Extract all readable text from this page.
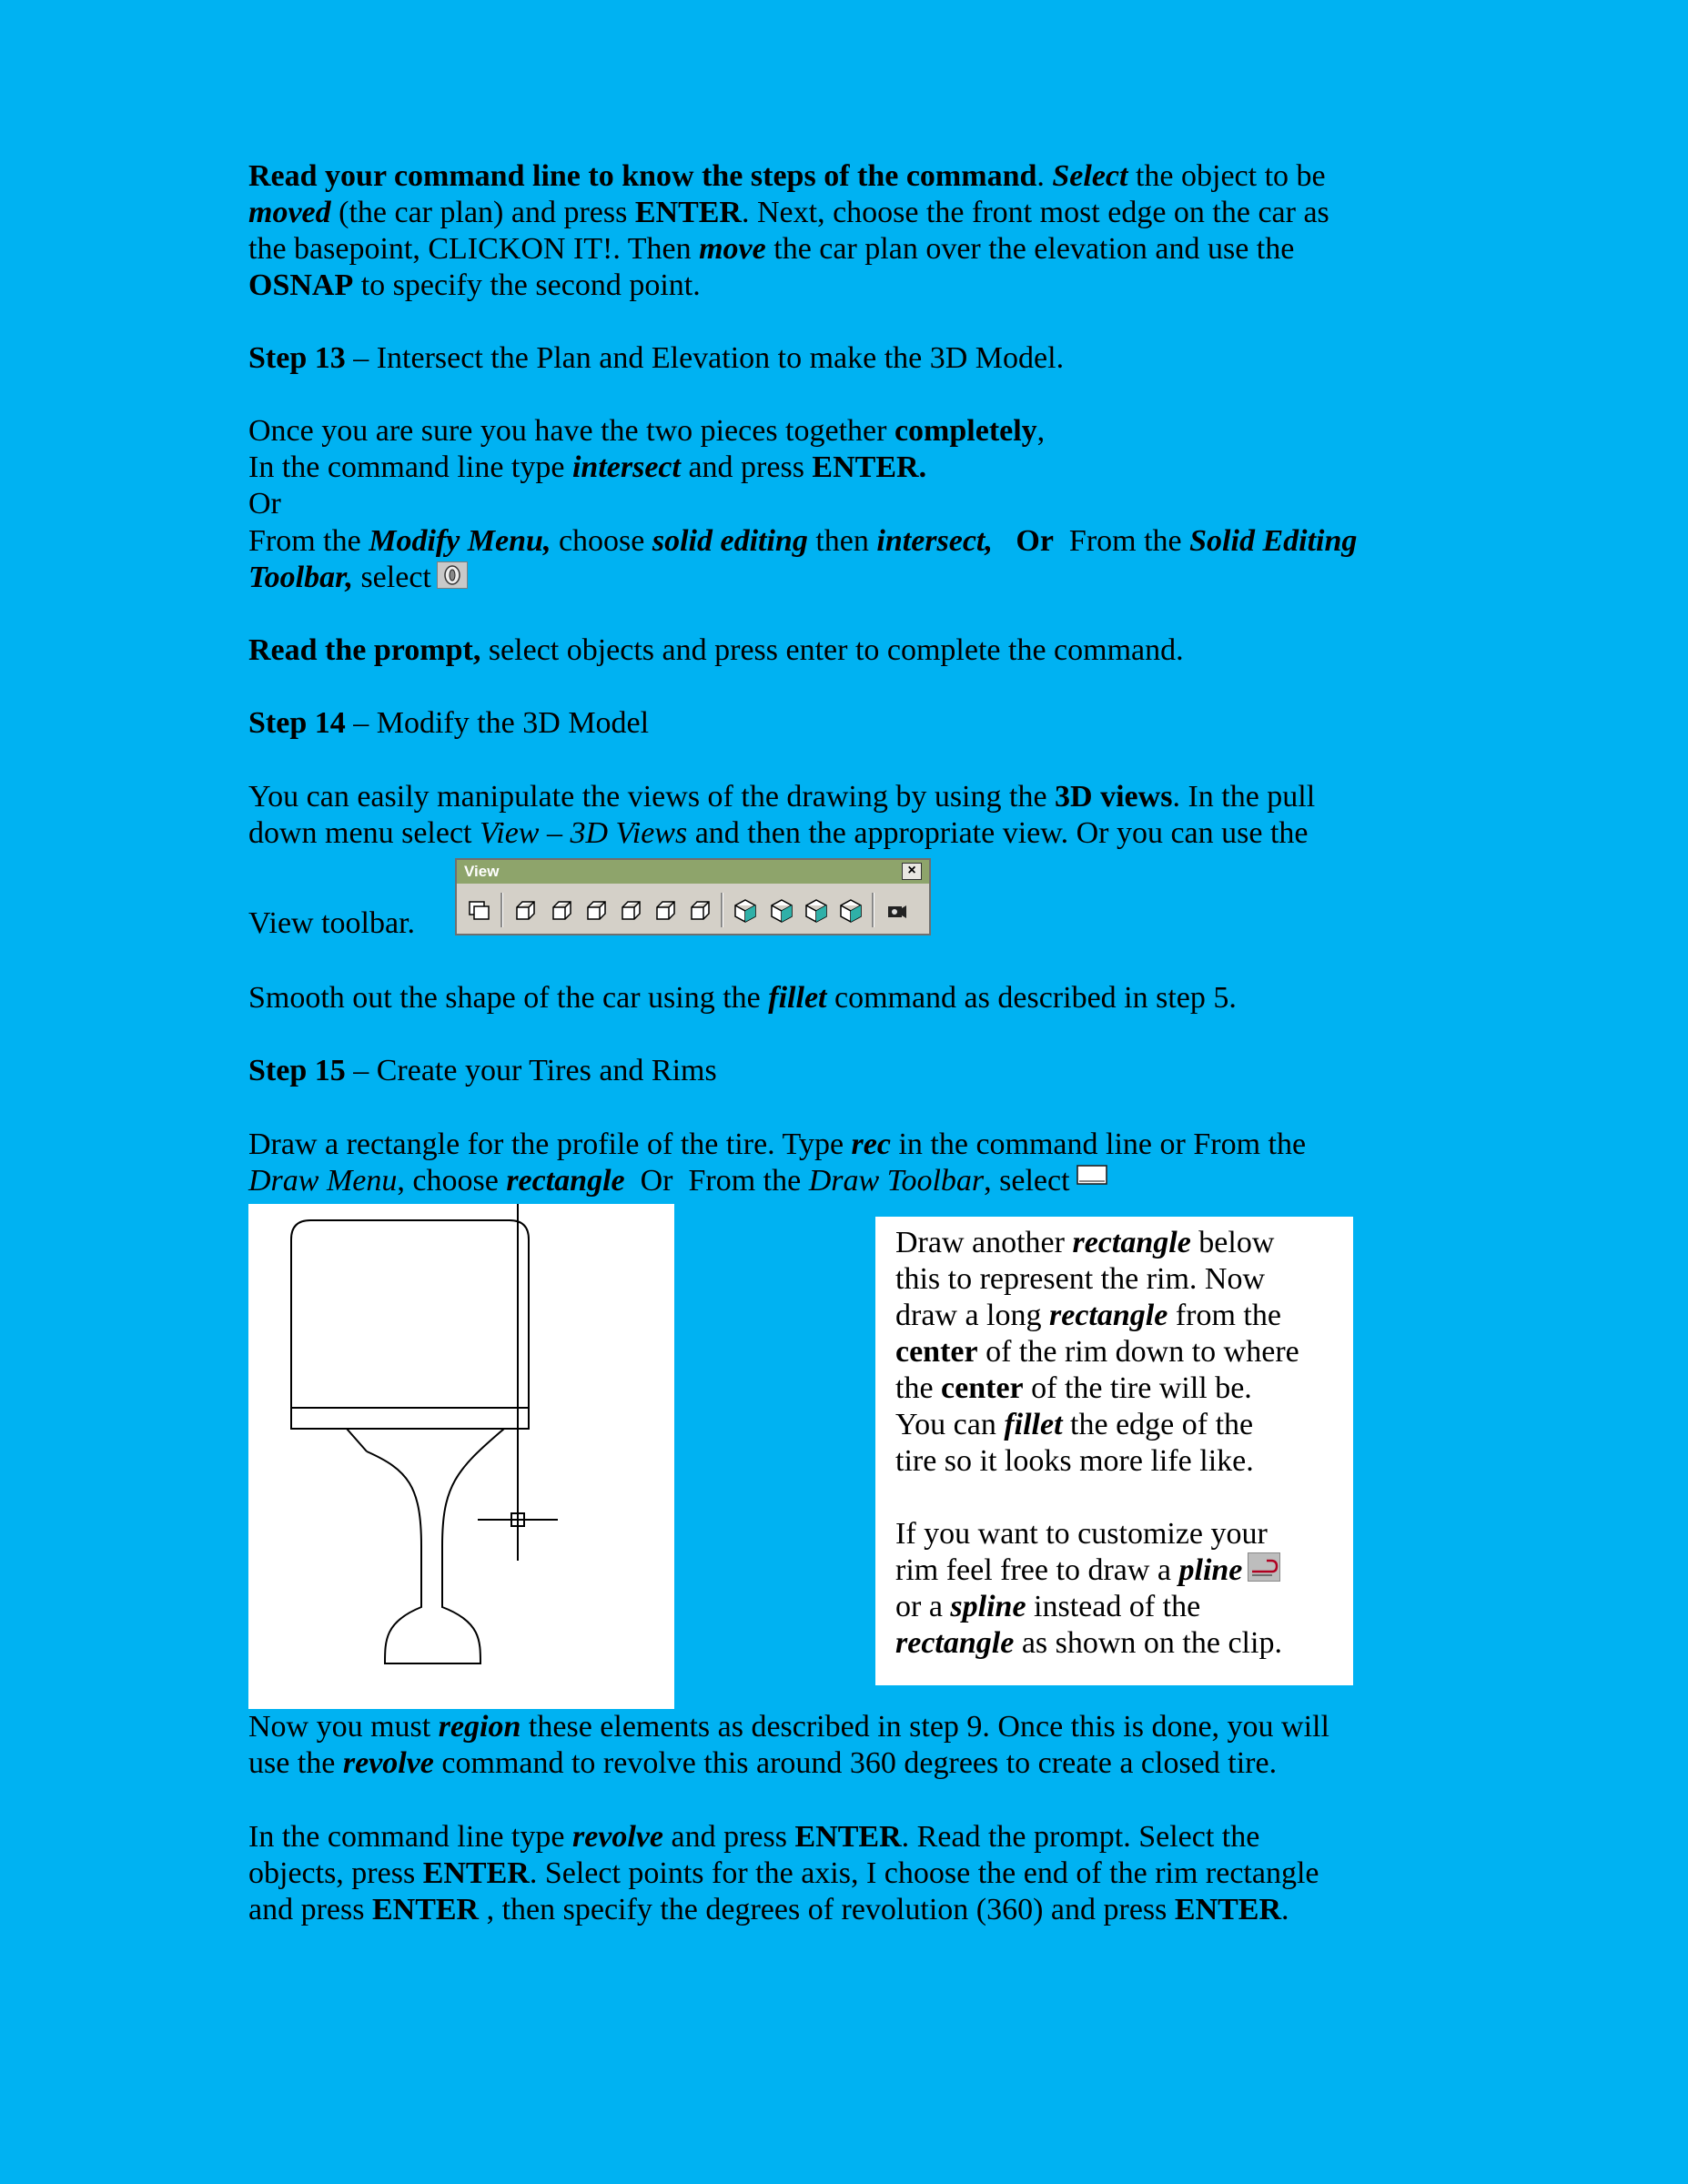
Read your command line to know the steps of the command. Select the object to be

moved (the car plan) and press ENTER. Next, choose the front most edge on the car as

the basepoint, CLICKON IT!. Then move the car plan over the elevation and use the

OSNAP to specify the second point.

Step 13 – Intersect the Plan and Elevation to make the 3D Model.

Once you are sure you have the two pieces together completely,

In the command line type intersect and press ENTER.

Or

From the Modify Menu, choose solid editing then intersect,   Or  From the Solid Editing

Toolbar, select

Read the prompt, select objects and press enter to complete the command.

Step 14 – Modify the 3D Model

You can easily manipulate the views of the drawing by using the 3D views. In the pull

down menu select View – 3D Views and then the appropriate view. Or you can use the

View toolbar.

View	×

Smooth out the shape of the car using the fillet command as described in step 5.

Step 15 – Create your Tires and Rims

Draw a rectangle for the profile of the tire. Type rec in the command line or From the

Draw Menu, choose rectangle  Or  From the Draw Toolbar, select

Draw another rectangle below
this to represent the rim. Now
draw a long rectangle from the
center of the rim down to where
the center of the tire will be.
You can fillet the edge of the
tire so it looks more life like.
If you want to customize your
rim feel free to draw a pline
or a spline instead of the
rectangle as shown on the clip.

Now you must region these elements as described in step 9. Once this is done, you will

use the revolve command to revolve this around 360 degrees to create a closed tire.

In the command line type revolve and press ENTER. Read the prompt. Select the

objects, press ENTER. Select points for the axis, I choose the end of the rim rectangle

and press ENTER , then specify the degrees of revolution (360) and press ENTER.
